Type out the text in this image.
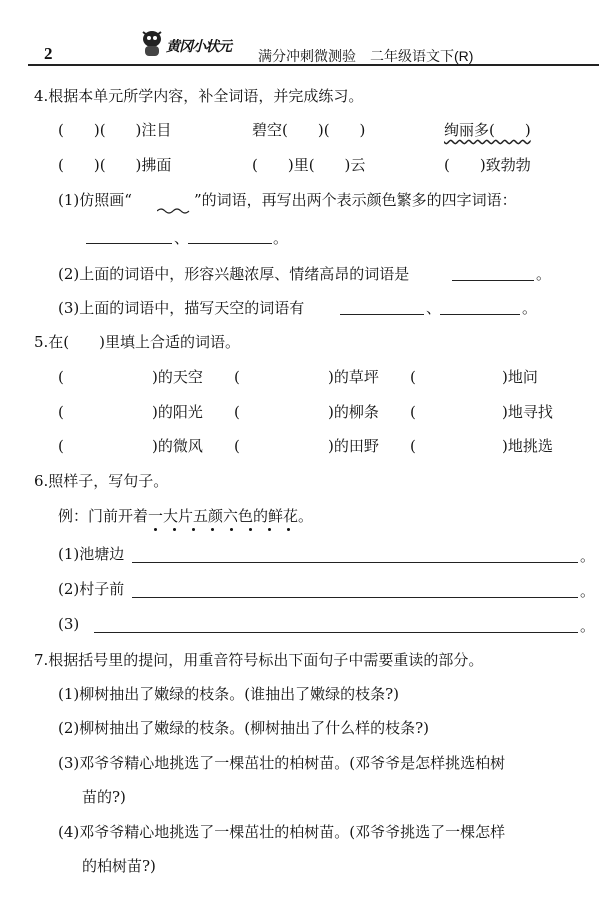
2	黄冈小状元
满分冲刺微测验　二年级语文下(R)
4.根据本单元所学内容，补全词语，并完成练习。
(　　)(　　)注目	碧空(　　)(　　)	绚丽多(　　)
(　　)(　　)拂面	(　　)里(　　)云	(　　)致勃勃
(1)仿照画“	”的词语，再写出两个表示颜色繁多的四字词语：
、	。
(2)上面的词语中，形容兴趣浓厚、情绪高昂的词语是	。
(3)上面的词语中，描写天空的词语有	、	。
5.在(　　)里填上合适的词语。
(	)的天空 (	)的草坪 (	)地问
(	)的阳光 (	)的柳条 (	)地寻找
(	)的微风 (	)的田野 (	)地挑选
6.照样子，写句子。
例：门前开着一大片五颜六色的鲜花。
(1)池塘边	。
(2)村子前	。
(3)	。
7.根据括号里的提问，用重音符号标出下面句子中需要重读的部分。
(1)柳树抽出了嫩绿的枝条。(谁抽出了嫩绿的枝条?)
(2)柳树抽出了嫩绿的枝条。(柳树抽出了什么样的枝条?)
(3)邓爷爷精心地挑选了一棵茁壮的柏树苗。(邓爷爷是怎样挑选柏树
苗的?)
(4)邓爷爷精心地挑选了一棵茁壮的柏树苗。(邓爷爷挑选了一棵怎样
的柏树苗?)
